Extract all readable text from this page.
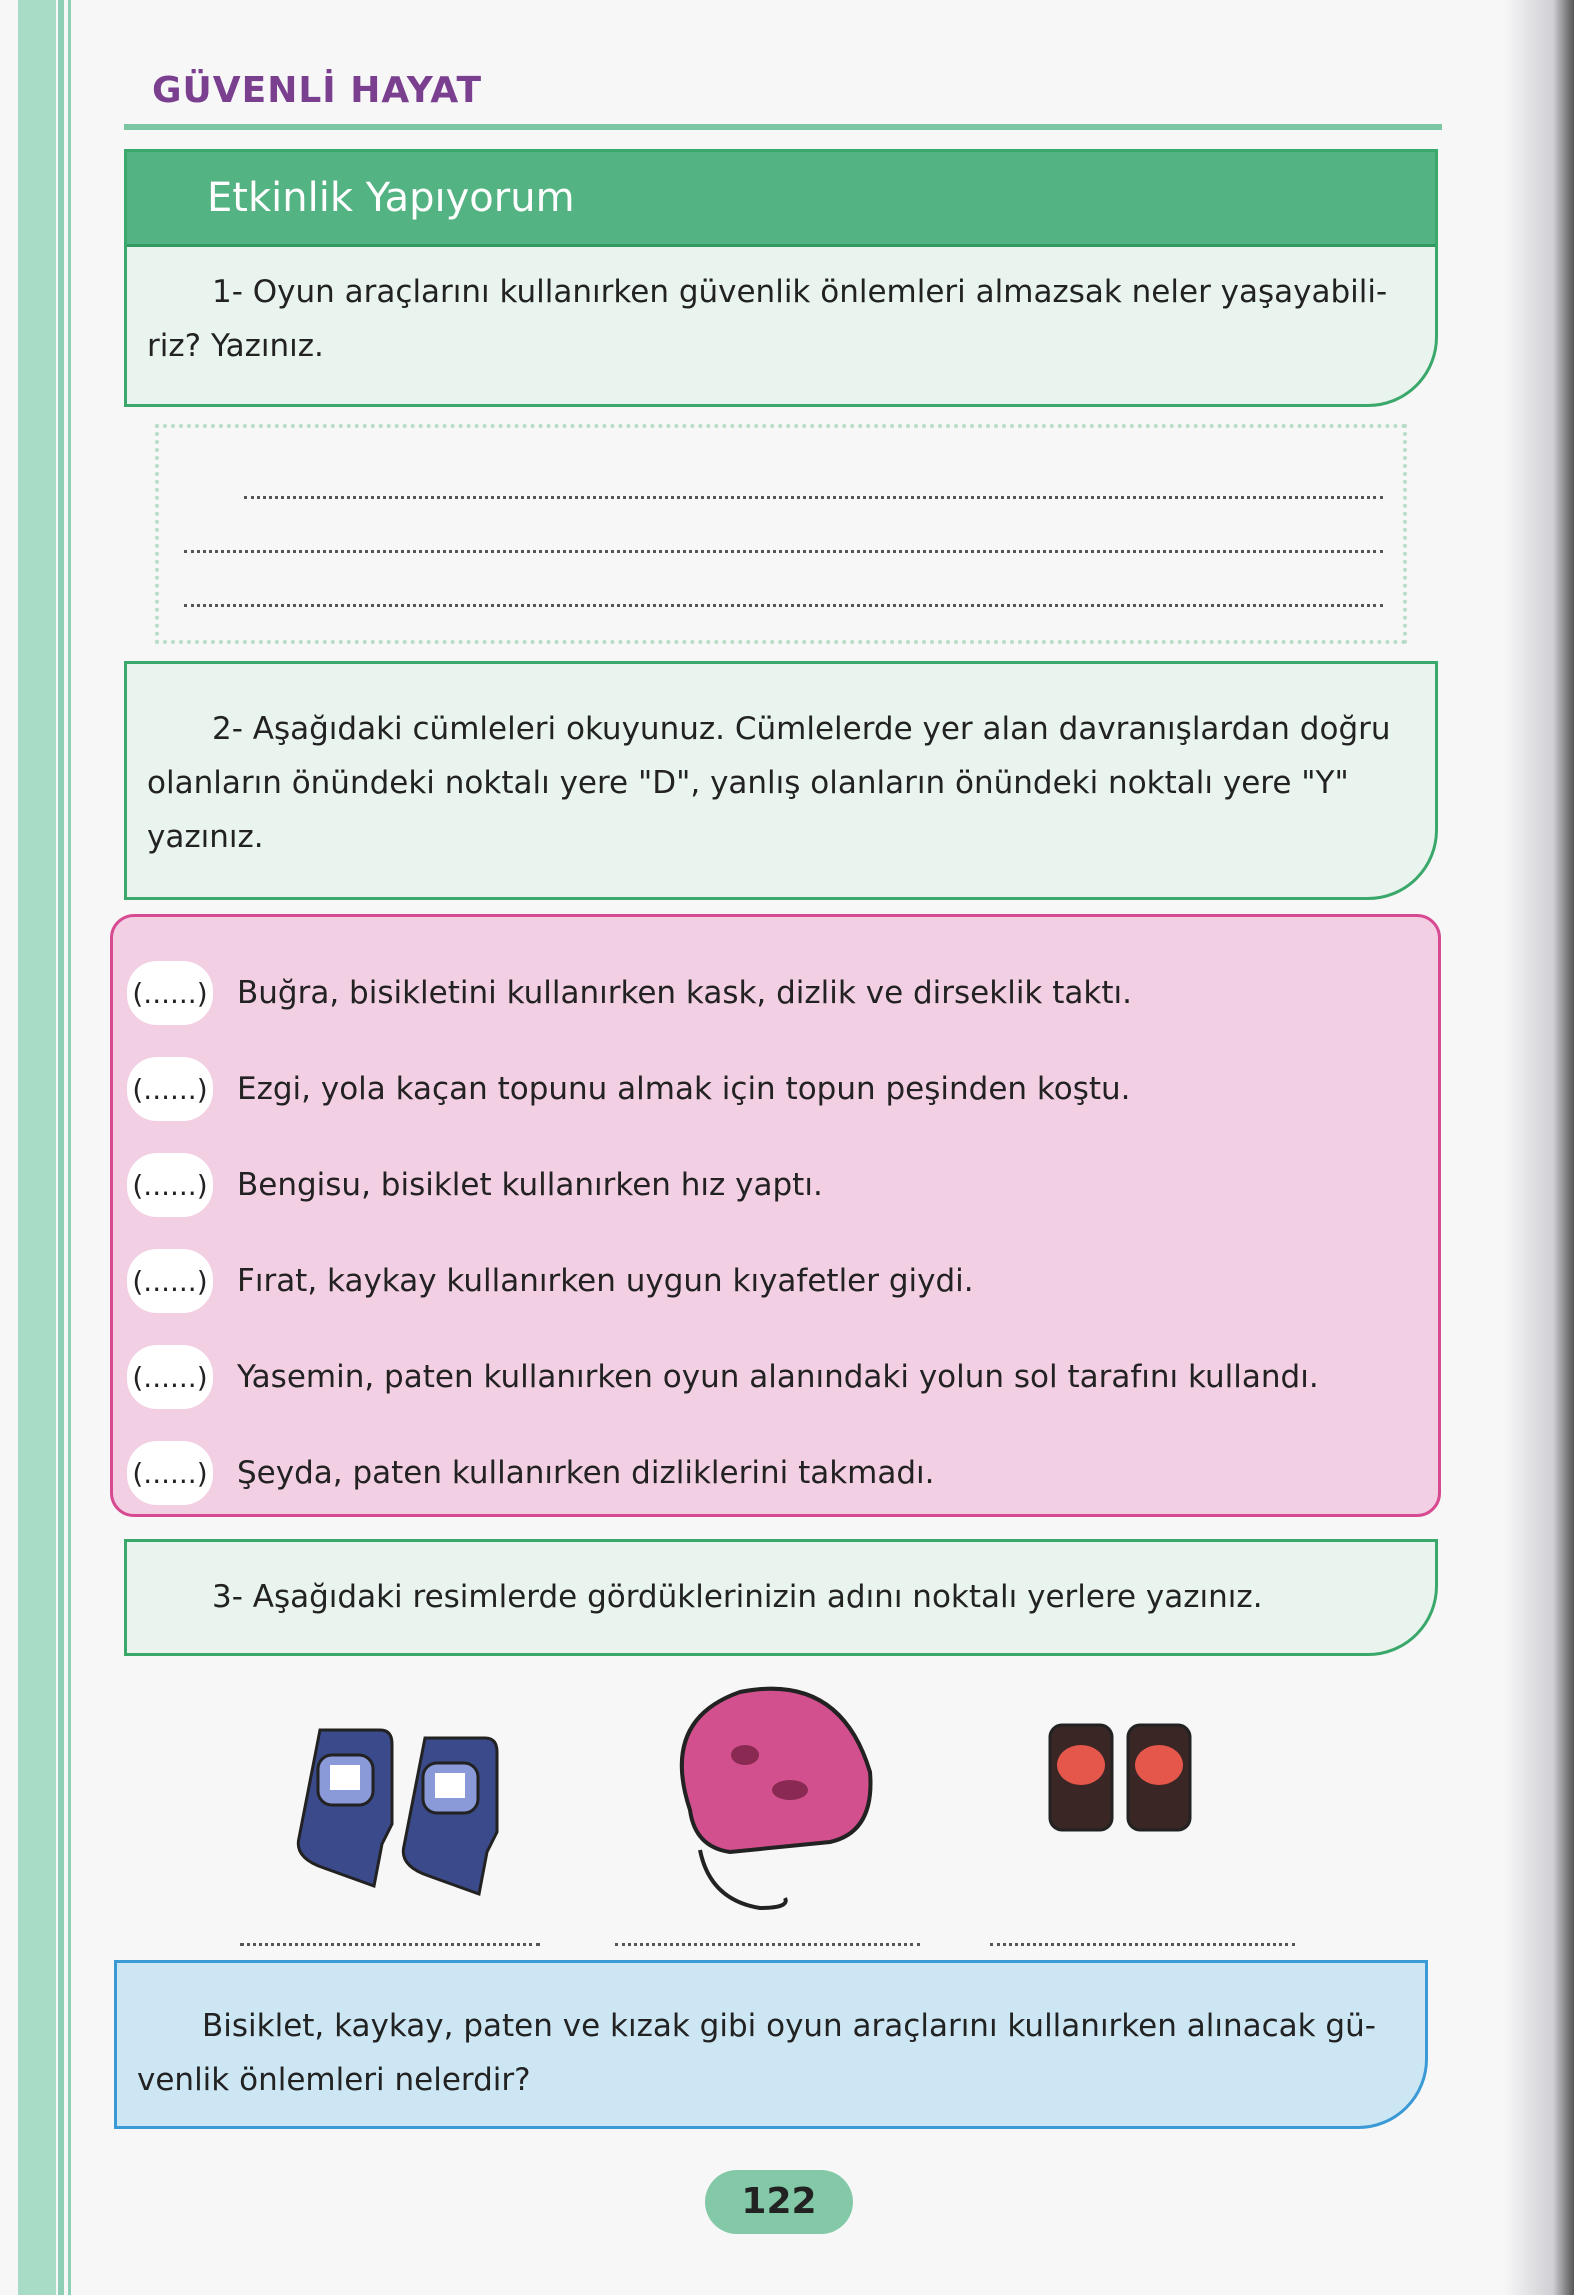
GÜVENLİ HAYAT
Etkinlik Yapıyorum
1- Oyun araçlarını kullanırken güvenlik önlemleri almazsak neler yaşayabili-
riz? Yazınız.
2- Aşağıdaki cümleleri okuyunuz. Cümlelerde yer alan davranışlardan doğru
olanların önündeki noktalı yere "D", yanlış olanların önündeki noktalı yere "Y"
yazınız.
(......) Buğra, bisikletini kullanırken kask, dizlik ve dirseklik taktı.
(......) Ezgi, yola kaçan topunu almak için topun peşinden koştu.
(......) Bengisu, bisiklet kullanırken hız yaptı.
(......) Fırat, kaykay kullanırken uygun kıyafetler giydi.
(......) Yasemin, paten kullanırken oyun alanındaki yolun sol tarafını kullandı.
(......) Şeyda, paten kullanırken dizliklerini takmadı.
3- Aşağıdaki resimlerde gördüklerinizin adını noktalı yerlere yazınız.
Bisiklet, kaykay, paten ve kızak gibi oyun araçlarını kullanırken alınacak gü-
venlik önlemleri nelerdir?
122
